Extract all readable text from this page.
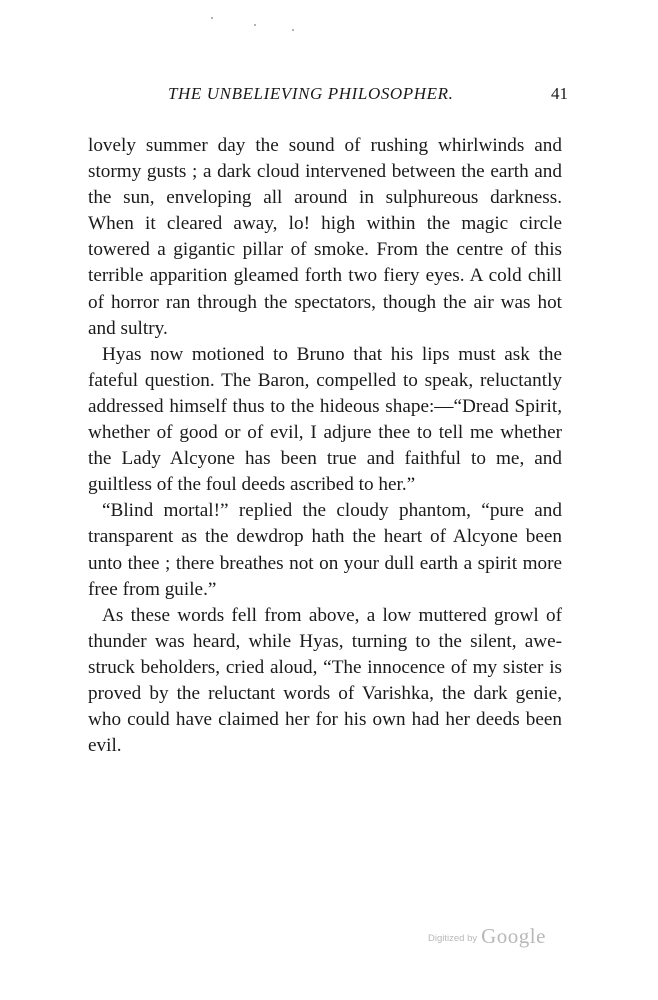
THE UNBELIEVING PHILOSOPHER.	41

lovely summer day the sound of rushing whirlwinds and stormy gusts ; a dark cloud intervened between the earth and the sun, enveloping all around in sulphureous darkness. When it cleared away, lo! high within the magic circle towered a gigantic pillar of smoke. From the centre of this terrible apparition gleamed forth two fiery eyes. A cold chill of horror ran through the spectators, though the air was hot and sultry.

Hyas now motioned to Bruno that his lips must ask the fateful question. The Baron, compelled to speak, reluctantly addressed himself thus to the hideous shape:—“Dread Spirit, whether of good or of evil, I adjure thee to tell me whether the Lady Alcyone has been true and faithful to me, and guiltless of the foul deeds ascribed to her.”

“Blind mortal!” replied the cloudy phantom, “pure and transparent as the dewdrop hath the heart of Alcyone been unto thee ; there breathes not on your dull earth a spirit more free from guile.”

As these words fell from above, a low muttered growl of thunder was heard, while Hyas, turning to the silent, awe-struck beholders, cried aloud, “The innocence of my sister is proved by the reluctant words of Varishka, the dark genie, who could have claimed her for his own had her deeds been evil.

Digitized by Google
